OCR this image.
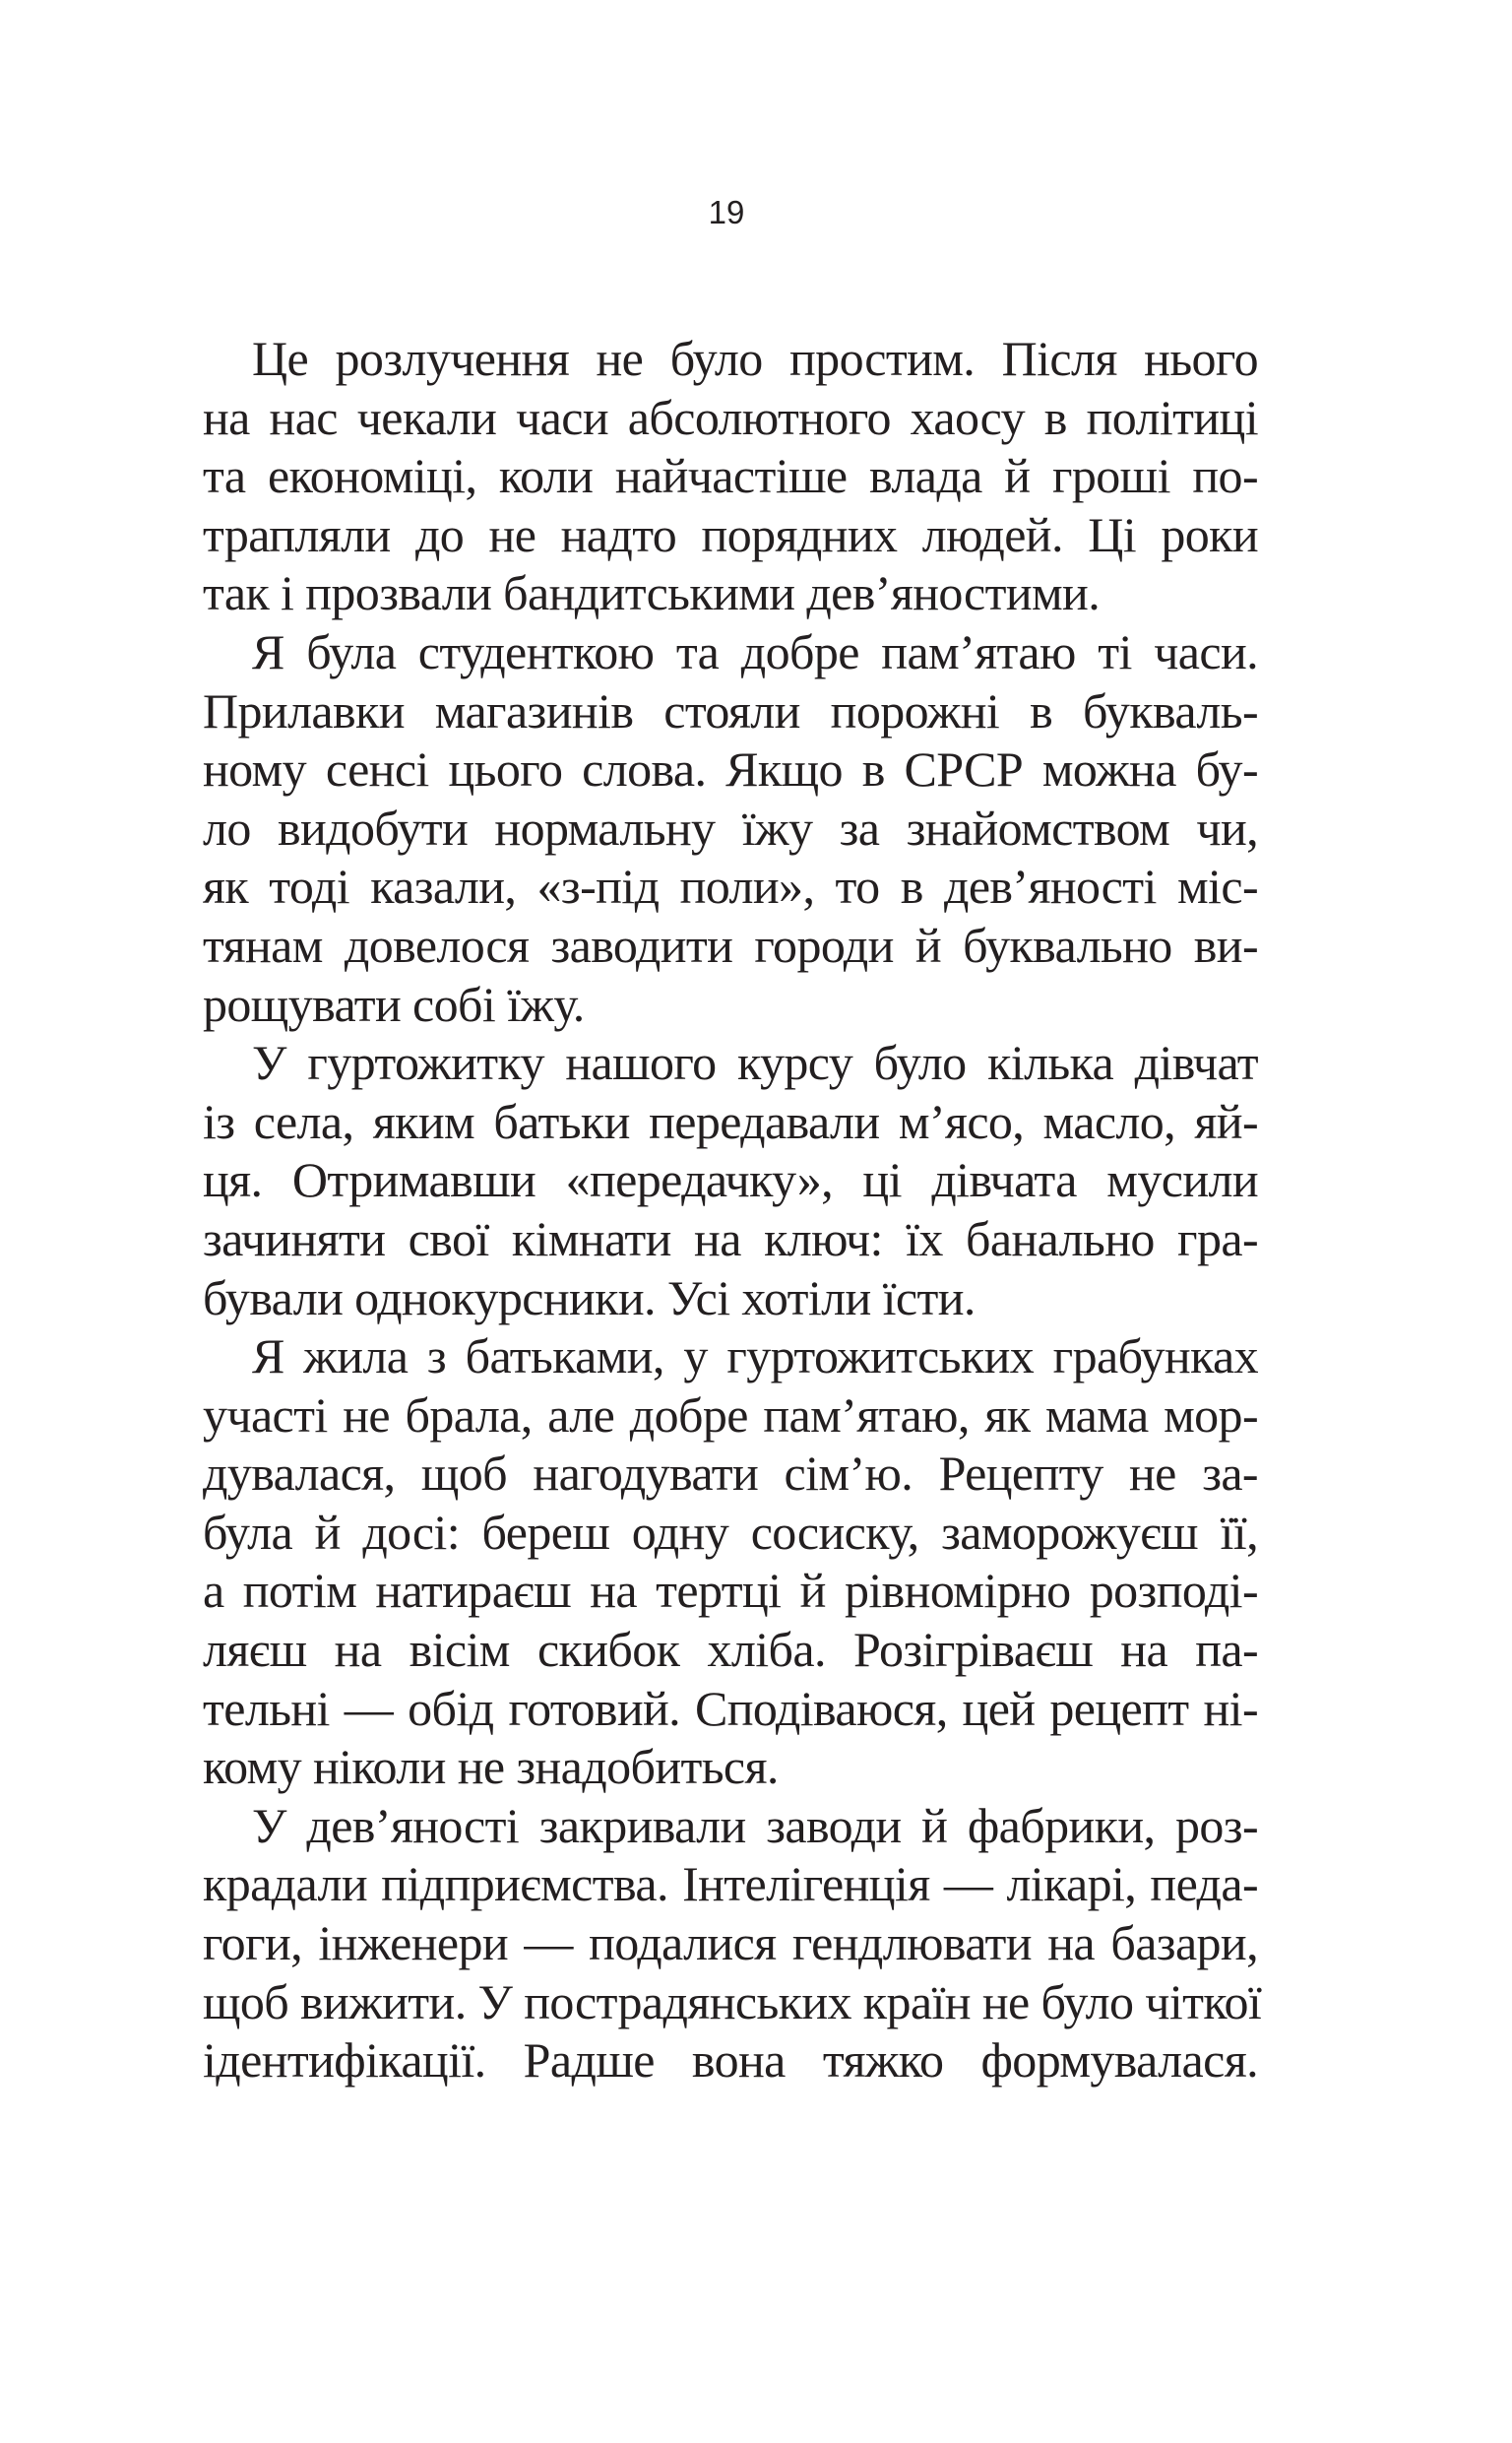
19
Це розлучення не було простим. Після нього
на нас чекали часи абсолютного хаосу в політиці
та економіці, коли найчастіше влада й гроші по-
трапляли до не надто порядних людей. Ці роки
так і прозвали бандитськими дев’яностими.
Я була студенткою та добре пам’ятаю ті часи.
Прилавки магазинів стояли порожні в букваль-
ному сенсі цього слова. Якщо в СРСР можна бу-
ло видобути нормальну їжу за знайомством чи,
як тоді казали, «з-під поли», то в дев’яності міс-
тянам довелося заводити городи й буквально ви-
рощувати собі їжу.
У гуртожитку нашого курсу було кілька дівчат
із села, яким батьки передавали м’ясо, масло, яй-
ця. Отримавши «передачку», ці дівчата мусили
зачиняти свої кімнати на ключ: їх банально гра-
бували однокурсники. Усі хотіли їсти.
Я жила з батьками, у гуртожитських грабунках
участі не брала, але добре пам’ятаю, як мама мор-
дувалася, щоб нагодувати сім’ю. Рецепту не за-
була й досі: береш одну сосиску, заморожуєш її,
а потім натираєш на тертці й рівномірно розподі-
ляєш на вісім скибок хліба. Розігріваєш на па-
тельні — обід готовий. Сподіваюся, цей рецепт ні-
кому ніколи не знадобиться.
У дев’яності закривали заводи й фабрики, роз-
крадали підприємства. Інтелігенція — лікарі, педа-
гоги, інженери — подалися гендлювати на базари,
щоб вижити. У пострадянських країн не було чіткої
ідентифікації. Радше вона тяжко формувалася.
